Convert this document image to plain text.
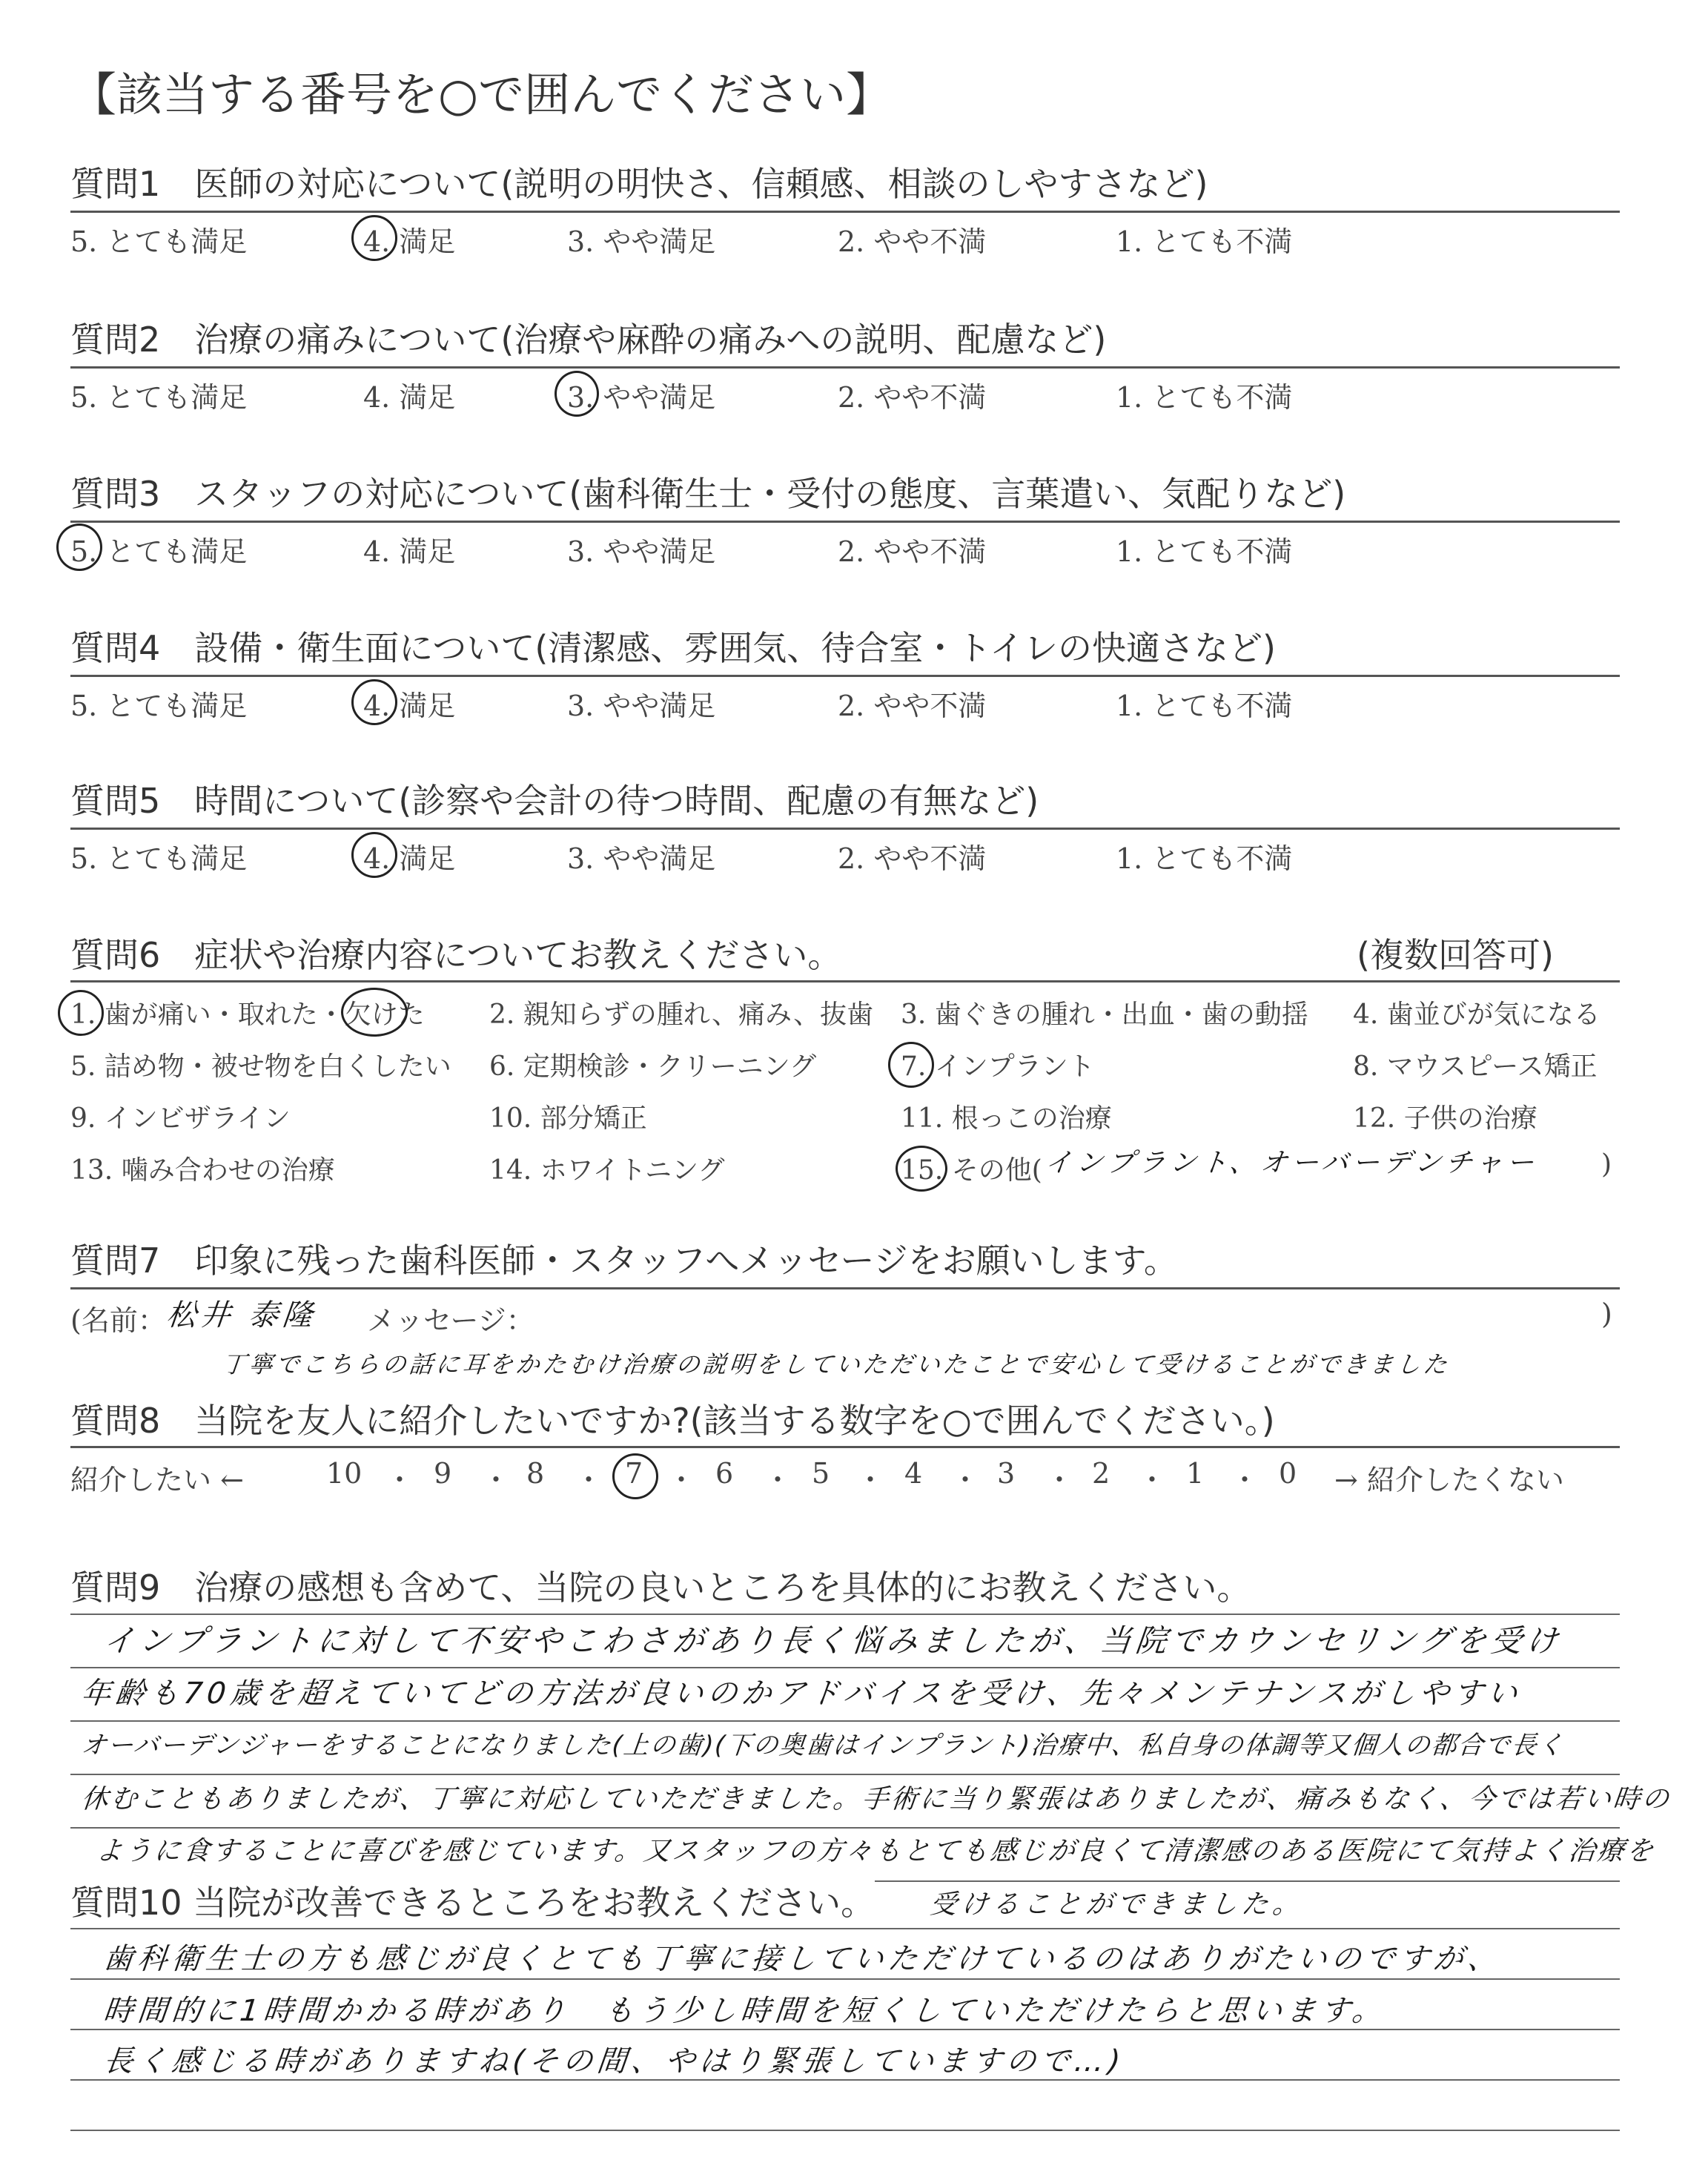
【該当する番号を○で囲んでください】
質問1　医師の対応について(説明の明快さ、信頼感、相談のしやすさなど)
5. とても満足	4. 満足	3. やや満足	2. やや不満	1. とても不満
質問2　治療の痛みについて(治療や麻酔の痛みへの説明、配慮など)
5. とても満足	4. 満足	3. やや満足	2. やや不満	1. とても不満
質問3　スタッフの対応について(歯科衛生士・受付の態度、言葉遣い、気配りなど)
5. とても満足	4. 満足	3. やや満足	2. やや不満	1. とても不満
質問4　設備・衛生面について(清潔感、雰囲気、待合室・トイレの快適さなど)
5. とても満足	4. 満足	3. やや満足	2. やや不満	1. とても不満
質問5　時間について(診察や会計の待つ時間、配慮の有無など)
5. とても満足	4. 満足	3. やや満足	2. やや不満	1. とても不満
質問6　症状や治療内容についてお教えください。	(複数回答可)
1. 歯が痛い・取れた・欠けた 2. 親知らずの腫れ、痛み、抜歯 3. 歯ぐきの腫れ・出血・歯の動揺 4. 歯並びが気になる
5. 詰め物・被せ物を白くしたい 6. 定期検診・クリーニング	7. インプラント	8. マウスピース矯正
9. インビザライン	10. 部分矯正	11. 根っこの治療	12. 子供の治療
13. 噛み合わせの治療	14. ホワイトニング	15. その他(	)
インプラント、オーバーデンチャー
質問7　印象に残った歯科医師・スタッフへメッセージをお願いします。
(名前：
松井 泰隆 メッセージ：	)
丁寧でこちらの話に耳をかたむけ治療の説明をしていただいたことで安心して受けることができました
質問8　当院を友人に紹介したいですか?(該当する数字を○で囲んでください。)
紹介したい ←	10	9	8	7	6	5	4	3	2	1	0
・ ・ ・ ・ ・ ・ ・ ・ ・ ・	→ 紹介したくない
質問9　治療の感想も含めて、当院の良いところを具体的にお教えください。
インプラントに対して不安やこわさがあり長く悩みましたが、当院でカウンセリングを受け
年齢も70歳を超えていてどの方法が良いのかアドバイスを受け、先々メンテナンスがしやすい
オーバーデンジャーをすることになりました(上の歯)(下の奥歯はインプラント)治療中、私自身の体調等又個人の都合で長く
休むこともありましたが、丁寧に対応していただきました。手術に当り緊張はありましたが、痛みもなく、今では若い時の
ように食することに喜びを感じています。又スタッフの方々もとても感じが良くて清潔感のある医院にて気持よく治療を
受けることができました。
質問10 当院が改善できるところをお教えください。
歯科衛生士の方も感じが良くとても丁寧に接していただけているのはありがたいのですが、
時間的に1時間かかる時があり　もう少し時間を短くしていただけたらと思います。
長く感じる時がありますね(その間、やはり緊張していますので…)
